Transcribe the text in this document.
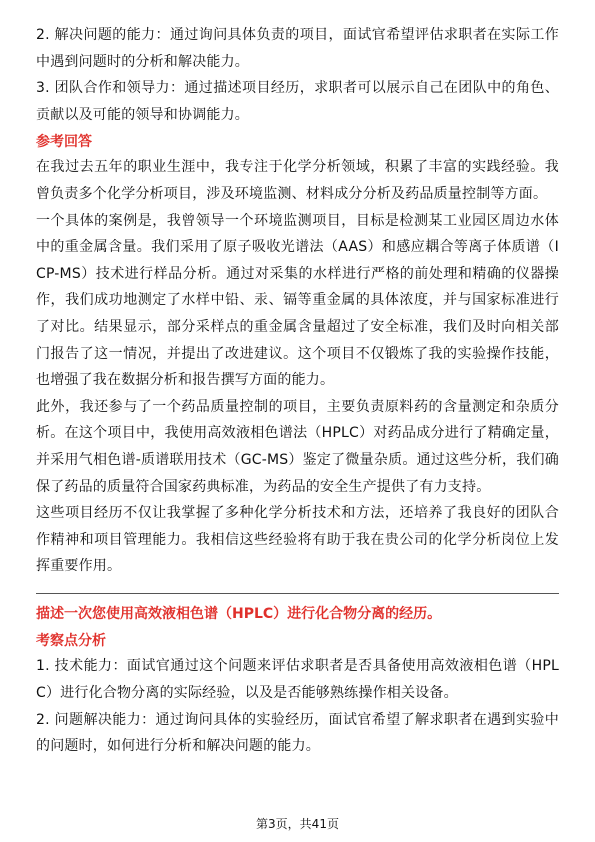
2. 解决问题的能力：通过询问具体负责的项目，面试官希望评估求职者在实际工作中遇到问题时的分析和解决能力。

3. 团队合作和领导力：通过描述项目经历，求职者可以展示自己在团队中的角色、贡献以及可能的领导和协调能力。

参考回答

在我过去五年的职业生涯中，我专注于化学分析领域，积累了丰富的实践经验。我曾负责多个化学分析项目，涉及环境监测、材料成分分析及药品质量控制等方面。

一个具体的案例是，我曾领导一个环境监测项目，目标是检测某工业园区周边水体中的重金属含量。我们采用了原子吸收光谱法（AAS）和感应耦合等离子体质谱（ICP-MS）技术进行样品分析。通过对采集的水样进行严格的前处理和精确的仪器操作，我们成功地测定了水样中铅、汞、镉等重金属的具体浓度，并与国家标准进行了对比。结果显示，部分采样点的重金属含量超过了安全标准，我们及时向相关部门报告了这一情况，并提出了改进建议。这个项目不仅锻炼了我的实验操作技能，也增强了我在数据分析和报告撰写方面的能力。

此外，我还参与了一个药品质量控制的项目，主要负责原料药的含量测定和杂质分析。在这个项目中，我使用高效液相色谱法（HPLC）对药品成分进行了精确定量，并采用气相色谱-质谱联用技术（GC-MS）鉴定了微量杂质。通过这些分析，我们确保了药品的质量符合国家药典标准，为药品的安全生产提供了有力支持。

这些项目经历不仅让我掌握了多种化学分析技术和方法，还培养了我良好的团队合作精神和项目管理能力。我相信这些经验将有助于我在贵公司的化学分析岗位上发挥重要作用。

描述一次您使用高效液相色谱（HPLC）进行化合物分离的经历。

考察点分析

1. 技术能力：面试官通过这个问题来评估求职者是否具备使用高效液相色谱（HPLC）进行化合物分离的实际经验，以及是否能够熟练操作相关设备。

2. 问题解决能力：通过询问具体的实验经历，面试官希望了解求职者在遇到实验中的问题时，如何进行分析和解决问题的能力。

第3页，共41页
